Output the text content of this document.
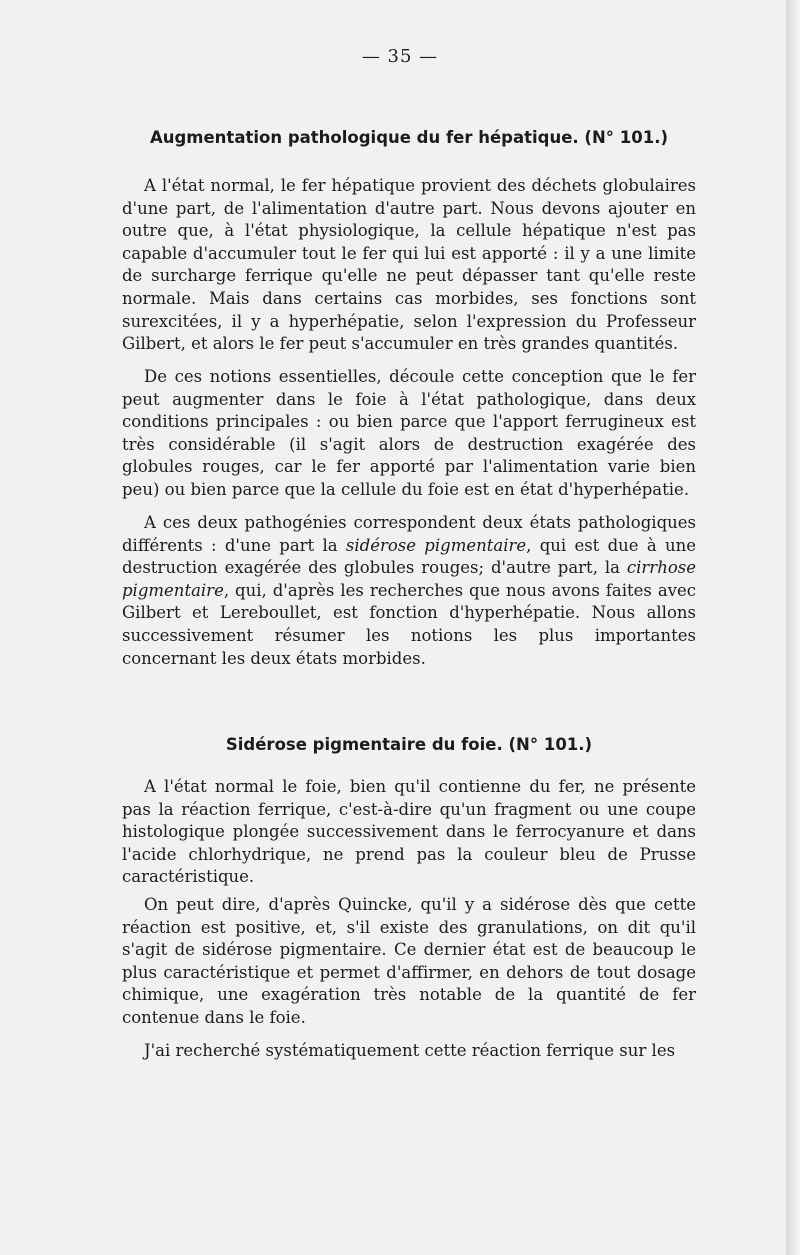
— 35 —
Augmentation pathologique du fer hépatique. (N° 101.)

A l'état normal, le fer hépatique provient des déchets globulaires d'une part, de l'alimentation d'autre part. Nous devons ajouter en outre que, à l'état physiologique, la cellule hépatique n'est pas capable d'accumuler tout le fer qui lui est apporté : il y a une limite de surcharge ferrique qu'elle ne peut dépasser tant qu'elle reste normale. Mais dans certains cas morbides, ses fonctions sont surexcitées, il y a hyperhépatie, selon l'expression du Professeur Gilbert, et alors le fer peut s'accumuler en très grandes quantités.

De ces notions essentielles, découle cette conception que le fer peut augmenter dans le foie à l'état pathologique, dans deux conditions principales : ou bien parce que l'apport ferrugineux est très considérable (il s'agit alors de destruction exagérée des globules rouges, car le fer apporté par l'alimentation varie bien peu) ou bien parce que la cellule du foie est en état d'hyperhépatie.

A ces deux pathogénies correspondent deux états pathologiques différents : d'une part la sidérose pigmentaire, qui est due à une destruction exagérée des globules rouges; d'autre part, la cirrhose pigmentaire, qui, d'après les recherches que nous avons faites avec Gilbert et Lereboullet, est fonction d'hyperhépatie. Nous allons successivement résumer les notions les plus importantes concernant les deux états morbides.

Sidérose pigmentaire du foie. (N° 101.)

A l'état normal le foie, bien qu'il contienne du fer, ne présente pas la réaction ferrique, c'est-à-dire qu'un fragment ou une coupe histologique plongée successivement dans le ferrocyanure et dans l'acide chlorhydrique, ne prend pas la couleur bleu de Prusse caractéristique.

On peut dire, d'après Quincke, qu'il y a sidérose dès que cette réaction est positive, et, s'il existe des granulations, on dit qu'il s'agit de sidérose pigmentaire. Ce dernier état est de beaucoup le plus caractéristique et permet d'affirmer, en dehors de tout dosage chimique, une exagération très notable de la quantité de fer contenue dans le foie.

J'ai recherché systématiquement cette réaction ferrique sur les
